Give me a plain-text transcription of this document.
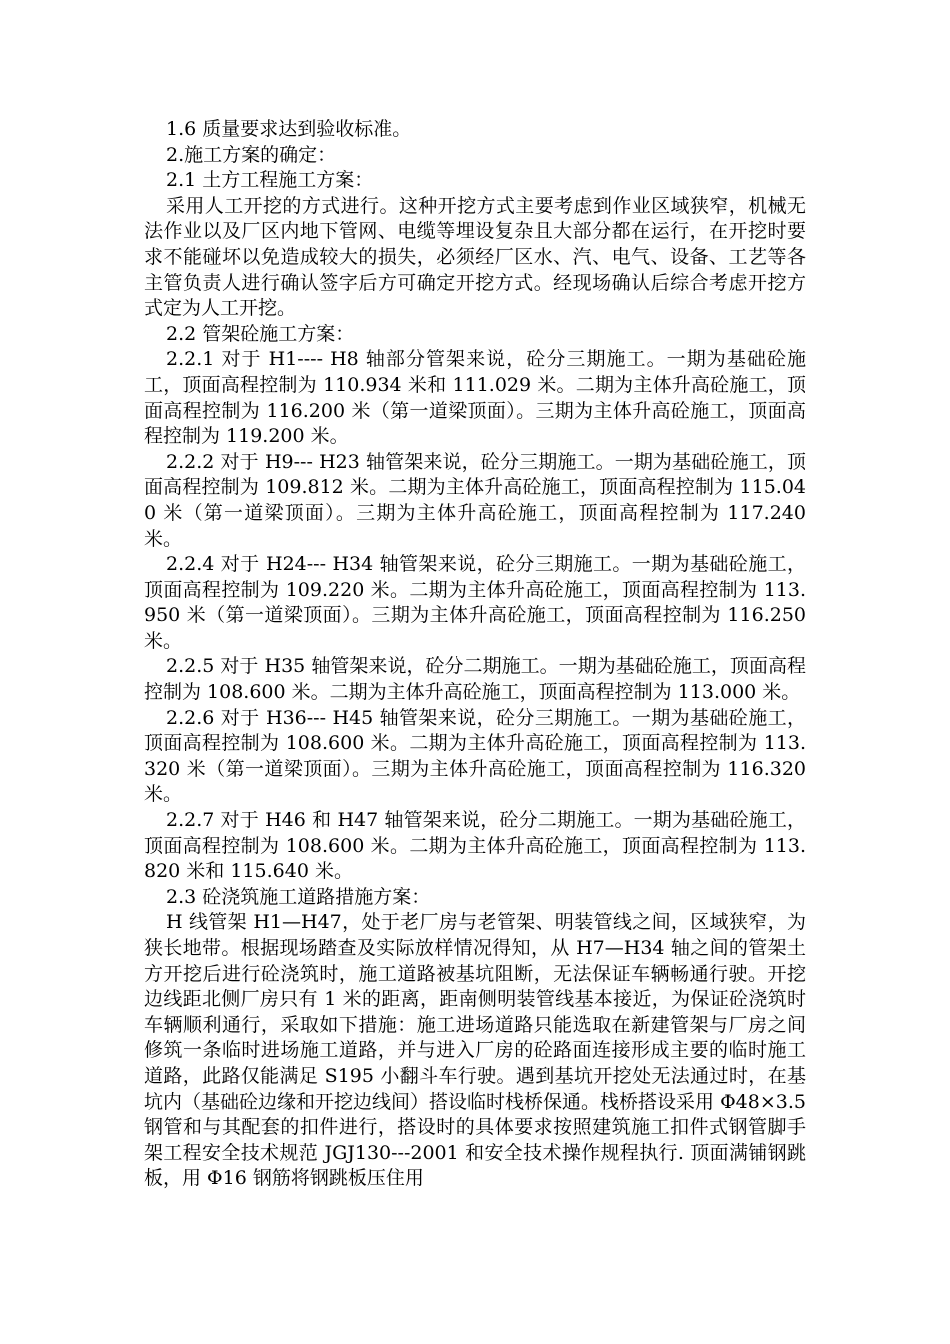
1.6 质量要求达到验收标准。

2.施工方案的确定：

2.1 土方工程施工方案：

采用人工开挖的方式进行。这种开挖方式主要考虑到作业区域狭窄，机械无法作业以及厂区内地下管网、电缆等埋设复杂且大部分都在运行，在开挖时要求不能碰坏以免造成较大的损失，必须经厂区水、汽、电气、设备、工艺等各主管负责人进行确认签字后方可确定开挖方式。经现场确认后综合考虑开挖方式定为人工开挖。

2.2 管架砼施工方案：

2.2.1 对于 H1---- H8 轴部分管架来说，砼分三期施工。一期为基础砼施工，顶面高程控制为 110.934 米和 111.029 米。二期为主体升高砼施工，顶面高程控制为 116.200 米（第一道梁顶面）。三期为主体升高砼施工，顶面高程控制为 119.200 米。

2.2.2 对于 H9--- H23 轴管架来说，砼分三期施工。一期为基础砼施工，顶面高程控制为 109.812 米。二期为主体升高砼施工，顶面高程控制为 115.040 米（第一道梁顶面）。三期为主体升高砼施工，顶面高程控制为 117.240 米。

2.2.4 对于 H24--- H34 轴管架来说，砼分三期施工。一期为基础砼施工，顶面高程控制为 109.220 米。二期为主体升高砼施工，顶面高程控制为 113.950 米（第一道梁顶面）。三期为主体升高砼施工，顶面高程控制为 116.250 米。

2.2.5 对于 H35 轴管架来说，砼分二期施工。一期为基础砼施工，顶面高程控制为 108.600 米。二期为主体升高砼施工，顶面高程控制为 113.000 米。

2.2.6 对于 H36--- H45 轴管架来说，砼分三期施工。一期为基础砼施工，顶面高程控制为 108.600 米。二期为主体升高砼施工，顶面高程控制为 113.320 米（第一道梁顶面）。三期为主体升高砼施工，顶面高程控制为 116.320 米。

2.2.7 对于 H46 和 H47 轴管架来说，砼分二期施工。一期为基础砼施工，顶面高程控制为 108.600 米。二期为主体升高砼施工，顶面高程控制为 113.820 米和 115.640 米。

2.3 砼浇筑施工道路措施方案：

H 线管架 H1—H47，处于老厂房与老管架、明装管线之间，区域狭窄，为狭长地带。根据现场踏查及实际放样情况得知，从 H7—H34 轴之间的管架土方开挖后进行砼浇筑时，施工道路被基坑阻断，无法保证车辆畅通行驶。开挖边线距北侧厂房只有 1 米的距离，距南侧明装管线基本接近，为保证砼浇筑时车辆顺利通行，采取如下措施：施工进场道路只能选取在新建管架与厂房之间修筑一条临时进场施工道路，并与进入厂房的砼路面连接形成主要的临时施工道路，此路仅能满足 S195 小翻斗车行驶。遇到基坑开挖处无法通过时，在基坑内（基础砼边缘和开挖边线间）搭设临时栈桥保通。栈桥搭设采用 Φ48×3.5 钢管和与其配套的扣件进行，搭设时的具体要求按照建筑施工扣件式钢管脚手架工程安全技术规范 JGJ130---2001 和安全技术操作规程执行. 顶面满铺钢跳板，用 Φ16 钢筋将钢跳板压住用
